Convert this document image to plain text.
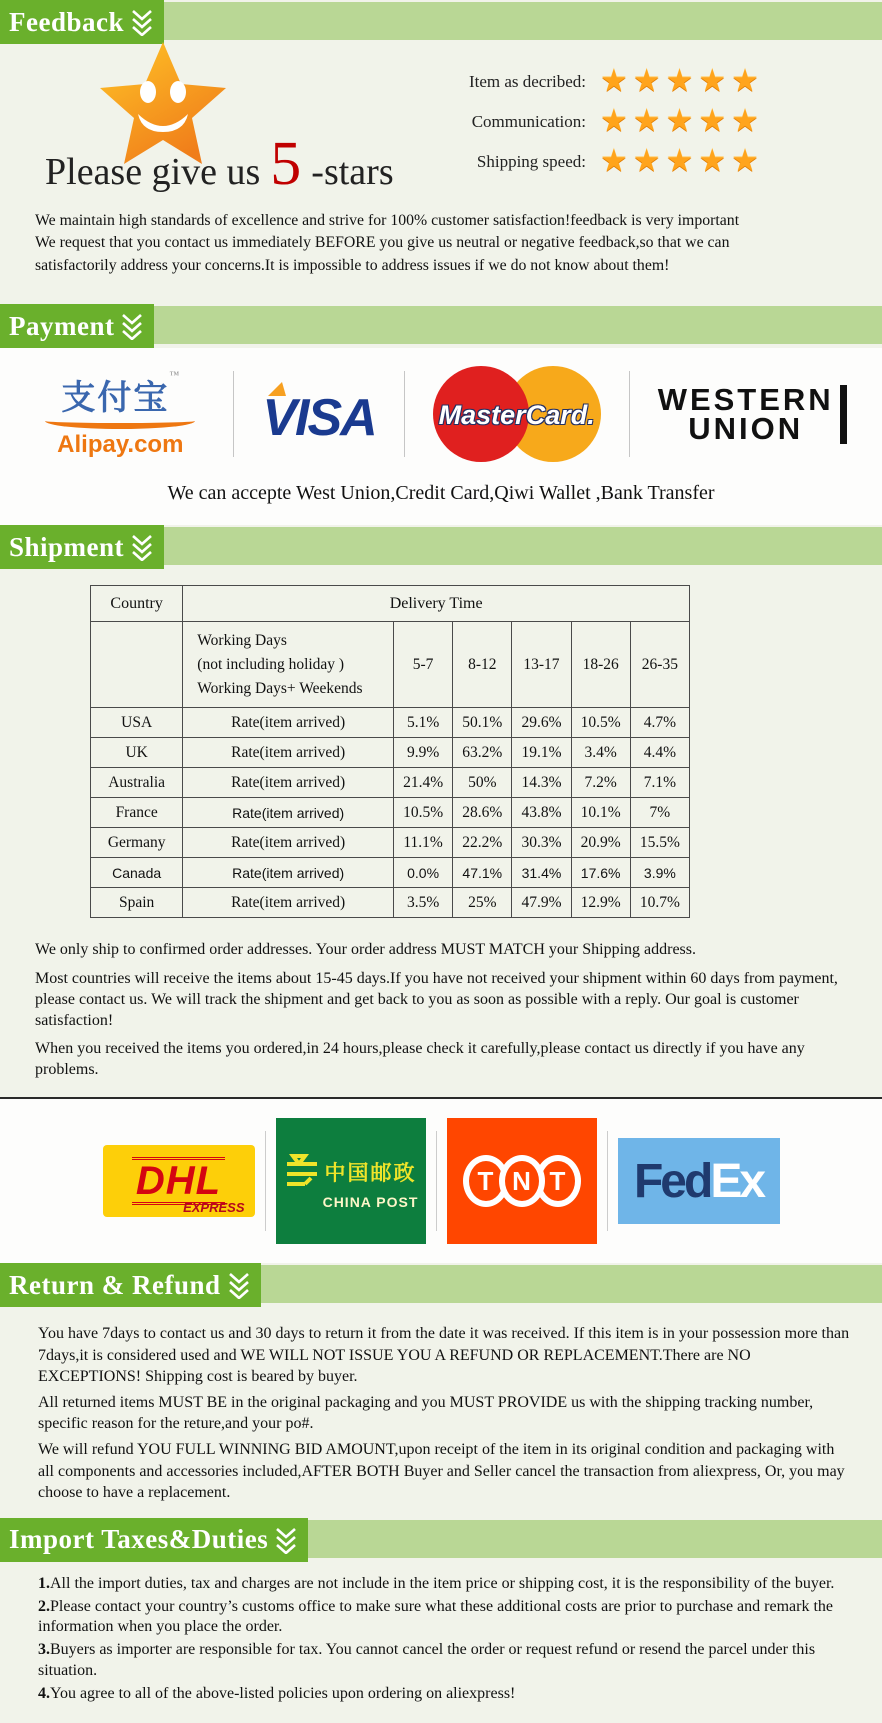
Feedback
Please give us 5 -stars
Item as decribed: ★★★★★
Communication: ★★★★★
Shipping speed: ★★★★★
We maintain high standards of excellence and strive for 100% customer satisfaction!feedback is very important
We request that you contact us immediately BEFORE you give us neutral or negative feedback,so that we can
satisfactorily address your concerns.It is impossible to address issues if we do not know about them!
Payment
支付宝™
Alipay.com	VISA MasterCard. WESTERN
UNION
We can accepte West Union,Credit Card,Qiwi Wallet ,Bank Transfer
Shipment
Country	Delivery Time					

	Working Days
(not including holiday )
Working Days+ Weekends	5-7	8-12	13-17	18-26	26-35
USA	Rate(item arrived)	5.1%	50.1%	29.6%	10.5%	4.7%
UK	Rate(item arrived)	9.9%	63.2%	19.1%	3.4%	4.4%
Australia	Rate(item arrived)	21.4%	50%	14.3%	7.2%	7.1%
France	Rate(item arrived)	10.5%	28.6%	43.8%	10.1%	7%
Germany	Rate(item arrived)	11.1%	22.2%	30.3%	20.9%	15.5%
Canada	Rate(item arrived)	0.0%	47.1%	31.4%	17.6%	3.9%
Spain	Rate(item arrived)	3.5%	25%	47.9%	12.9%	10.7%

We only ship to confirmed order addresses. Your order address MUST MATCH your Shipping address.

Most countries will receive the items about 15-45 days.If you have not received your shipment within 60 days from payment, please contact us. We will track the shipment and get back to you as soon as possible with a reply. Our goal is customer satisfaction!

When you received the items you ordered,in 24 hours,please check it carefully,please contact us directly if you have any problems.

DHL
EXPRESS
中国邮政
CHINA POST
T N T Fed Ex
Return & Refund

You have 7days to contact us and 30 days to return it from the date it was received. If this item is in your possession more than 7days,it is considered used and WE WILL NOT ISSUE YOU A REFUND OR REPLACEMENT.There are NO EXCEPTIONS! Shipping cost is beared by buyer.

All returned items MUST BE in the original packaging and you MUST PROVIDE us with the shipping tracking number, specific reason for the reture,and your po#.

We will refund YOU FULL WINNING BID AMOUNT,upon receipt of the item in its original condition and packaging with all components and accessories included,AFTER BOTH Buyer and Seller cancel the transaction from aliexpress, Or, you may choose to have a replacement.

Import Taxes&Duties
1.All the import duties, tax and charges are not include in the item price or shipping cost, it is the responsibility of the buyer.
2.Please contact your country’s customs office to make sure what these additional costs are prior to purchase and remark the information when you place the order.
3.Buyers as importer are responsible for tax. You cannot cancel the order or request refund or resend the parcel under this situation.
4.You agree to all of the above-listed policies upon ordering on aliexpress!
